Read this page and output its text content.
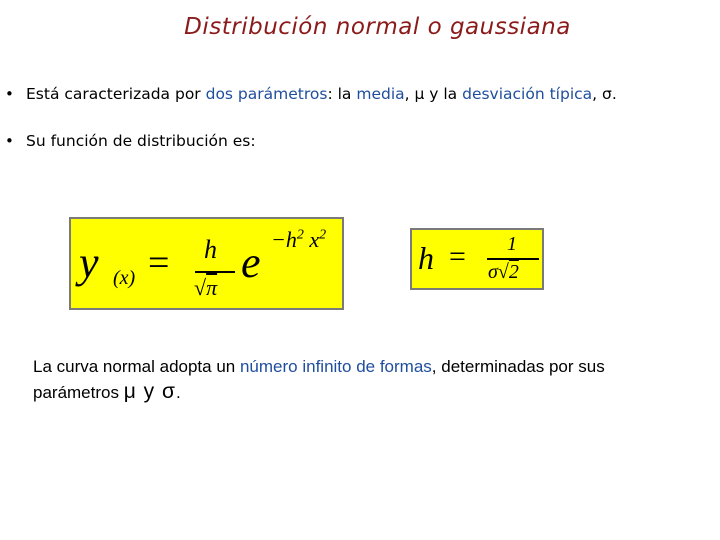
Distribución normal o gaussiana
• Está caracterizada por dos parámetros: la media, μ y la desviación típica, σ.
• Su función de distribución es:
y (x) = h
√π
$e -h^2$ $x^2$
h = 1
σ√2
La curva normal adopta un número infinito de formas, determinadas por sus parámetros μ y σ.
